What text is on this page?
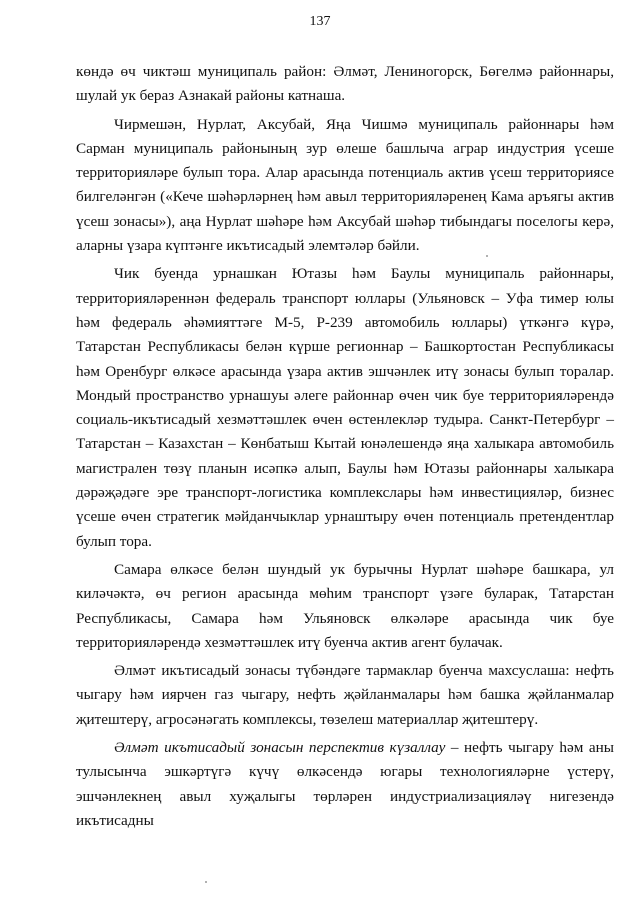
137

көндә өч чиктәш муниципаль район: Әлмәт, Лениногорск, Бөгелмә районнары, шулай ук бераз Азнакай районы катнаша.

Чирмешән, Нурлат, Аксубай, Яңа Чишмә муниципаль районнары һәм Сарман муниципаль районының зур өлеше башлыча аграр индустрия үсеше территорияләре булып тора. Алар арасында потенциаль актив үсеш территориясе билгеләнгән («Кече шәһәрләрнең һәм авыл территорияләренең Кама аръягы актив үсеш зонасы»), аңа Нурлат шәһәре һәм Аксубай шәһәр тибындагы поселогы керә, аларны үзара күптәнге икътисадый элемтәләр бәйли.

Чик буенда урнашкан Ютазы һәм Баулы муниципаль районнары, территорияләреннән федераль транспорт юллары (Ульяновск – Уфа тимер юлы һәм федераль әһәмияттәге М-5, Р-239 автомобиль юллары) үткәнгә күрә, Татарстан Республикасы белән күрше регионнар – Башкортостан Республикасы һәм Оренбург өлкәсе арасында үзара актив эшчәнлек итү зонасы булып торалар. Мондый пространство урнашуы әлеге районнар өчен чик буе территорияләрендә социаль-икътисадый хезмәттәшлек өчен өстенлекләр тудыра. Санкт-Петербург – Татарстан – Казахстан – Көнбатыш Кытай юнәлешендә яңа халыкара автомобиль магистрален төзү планын исәпкә алып, Баулы һәм Ютазы районнары халыкара дәрәҗәдәге эре транспорт-логистика комплекслары һәм инвестицияләр, бизнес үсеше өчен стратегик мәйданчыклар урнаштыру өчен потенциаль претендентлар булып тора.

Самара өлкәсе белән шундый ук бурычны Нурлат шәһәре башкара, ул киләчәктә, өч регион арасында мөһим транспорт үзәге буларак, Татарстан Республикасы, Самара һәм Ульяновск өлкәләре арасында чик буе территорияләрендә хезмәттәшлек итү буенча актив агент булачак.

Әлмәт икътисадый зонасы түбәндәге тармаклар буенча махсуслаша: нефть чыгару һәм иярчен газ чыгару, нефть җәйланмалары һәм башка җәйланмалар җитештерү, агросәнәгать комплексы, төзелеш материаллар җитештерү.

Әлмәт икътисадый зонасын перспектив күзаллау – нефть чыгару һәм аны тулысынча эшкәртүгә күчү өлкәсендә югары технологияләрне үстерү, эшчәнлекнең авыл хуҗалыгы төрләрен индустриализацияләү нигезендә икътисадны
